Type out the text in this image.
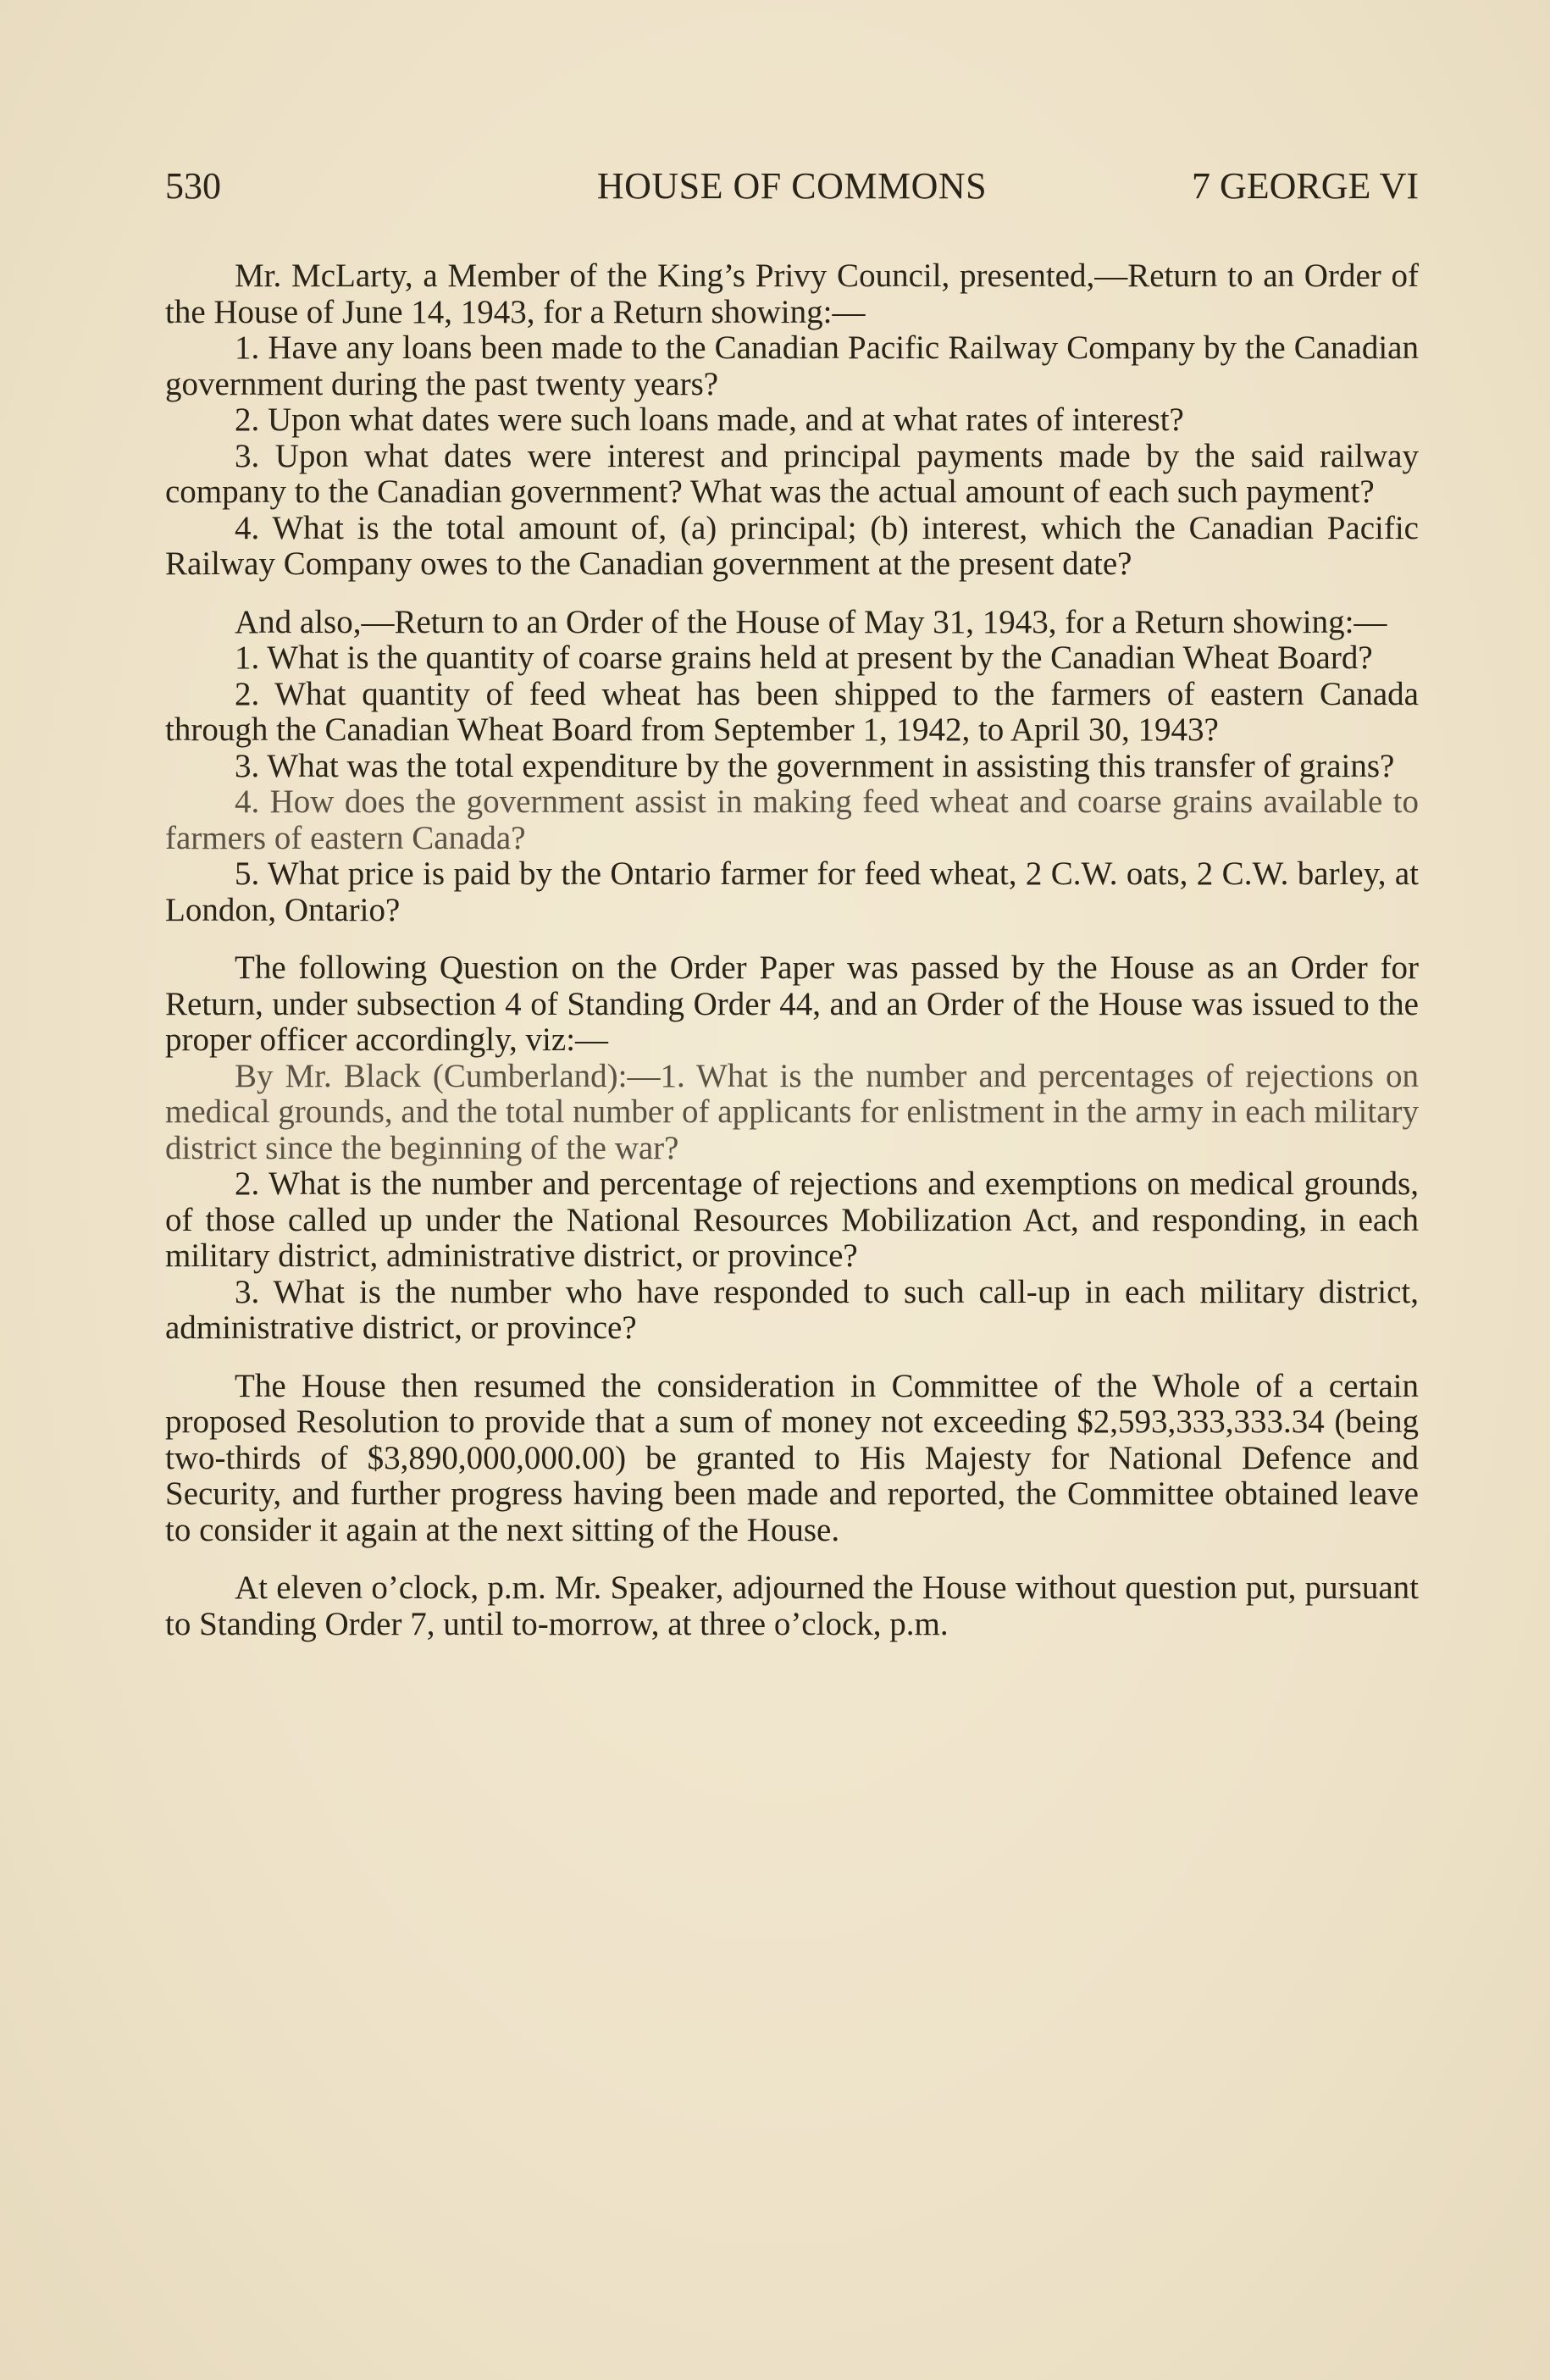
530	HOUSE OF COMMONS	7 GEORGE VI

Mr. McLarty, a Member of the King’s Privy Council, presented,—Return to an Order of the House of June 14, 1943, for a Return showing:—

1. Have any loans been made to the Canadian Pacific Railway Company by the Canadian government during the past twenty years?

2. Upon what dates were such loans made, and at what rates of interest?

3. Upon what dates were interest and principal payments made by the said railway company to the Canadian government? What was the actual amount of each such payment?

4. What is the total amount of, (a) principal; (b) interest, which the Canadian Pacific Railway Company owes to the Canadian government at the present date?

And also,—Return to an Order of the House of May 31, 1943, for a Return showing:—

1. What is the quantity of coarse grains held at present by the Canadian Wheat Board?

2. What quantity of feed wheat has been shipped to the farmers of eastern Canada through the Canadian Wheat Board from September 1, 1942, to April 30, 1943?

3. What was the total expenditure by the government in assisting this transfer of grains?

4. How does the government assist in making feed wheat and coarse grains available to farmers of eastern Canada?

5. What price is paid by the Ontario farmer for feed wheat, 2 C.W. oats, 2 C.W. barley, at London, Ontario?

The following Question on the Order Paper was passed by the House as an Order for Return, under subsection 4 of Standing Order 44, and an Order of the House was issued to the proper officer accordingly, viz:—

By Mr. Black (Cumberland):—1. What is the number and percentages of rejections on medical grounds, and the total number of applicants for enlistment in the army in each military district since the beginning of the war?

2. What is the number and percentage of rejections and exemptions on medical grounds, of those called up under the National Resources Mobilization Act, and responding, in each military district, administrative district, or province?

3. What is the number who have responded to such call-up in each military district, administrative district, or province?

The House then resumed the consideration in Committee of the Whole of a certain proposed Resolution to provide that a sum of money not exceeding $2,593,333,333.34 (being two-thirds of $3,890,000,000.00) be granted to His Majesty for National Defence and Security, and further progress having been made and reported, the Committee obtained leave to consider it again at the next sitting of the House.

At eleven o’clock, p.m. Mr. Speaker, adjourned the House without question put, pursuant to Standing Order 7, until to-morrow, at three o’clock, p.m.
